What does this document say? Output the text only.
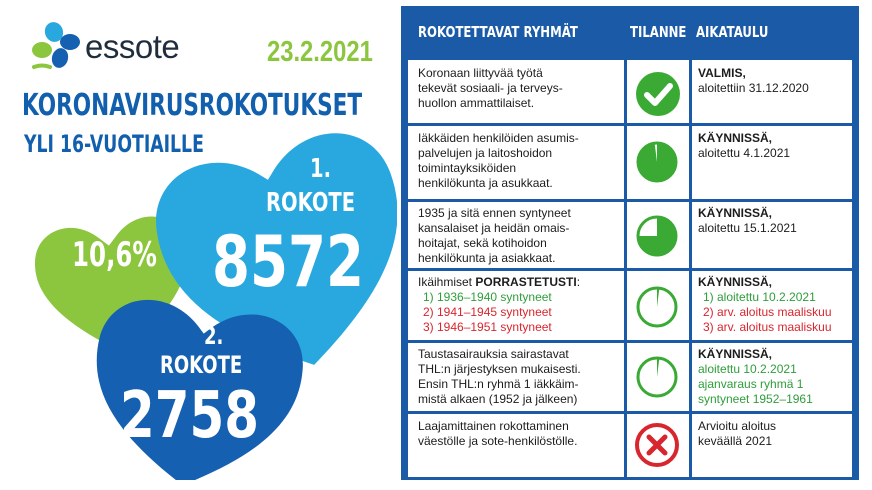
essote	23.2.2021
KORONAVIRUSROKOTUKSET
YLI 16-VUOTIAILLE
10,6%
1.
ROKOTE
8572
2.
ROKOTE
2758
ROKOTETTAVAT RYHMÄT	TILANNE AIKATAULU
Koronaan liittyvää työtä
tekevät sosiaali- ja terveys-
huollon ammattilaiset.
VALMIS,
aloitettiin 31.12.2020
Iäkkäiden henkilöiden asumis-
palvelujen ja laitoshoidon
toimintayksiköiden
henkilökunta ja asukkaat.
KÄYNNISSÄ,
aloitettu 4.1.2021
1935 ja sitä ennen syntyneet
kansalaiset ja heidän omais-
hoitajat, sekä kotihoidon
henkilökunta ja asiakkaat.
KÄYNNISSÄ,
aloitettu 15.1.2021
Ikäihmiset PORRASTETUSTI:
1) 1936–1940 syntyneet
2) 1941–1945 syntyneet
3) 1946–1951 syntyneet
KÄYNNISSÄ,
1) aloitettu 10.2.2021
2) arv. aloitus maaliskuu
3) arv. aloitus maaliskuu
Taustasairauksia sairastavat
THL:n järjestyksen mukaisesti.
Ensin THL:n ryhmä 1 iäkkäim-
mistä alkaen (1952 ja jälkeen)
KÄYNNISSÄ,
aloitettu 10.2.2021
ajanvaraus ryhmä 1
syntyneet 1952–1961
Laajamittainen rokottaminen
väestölle ja sote-henkilöstölle.
Arvioitu aloitus
keväällä 2021
